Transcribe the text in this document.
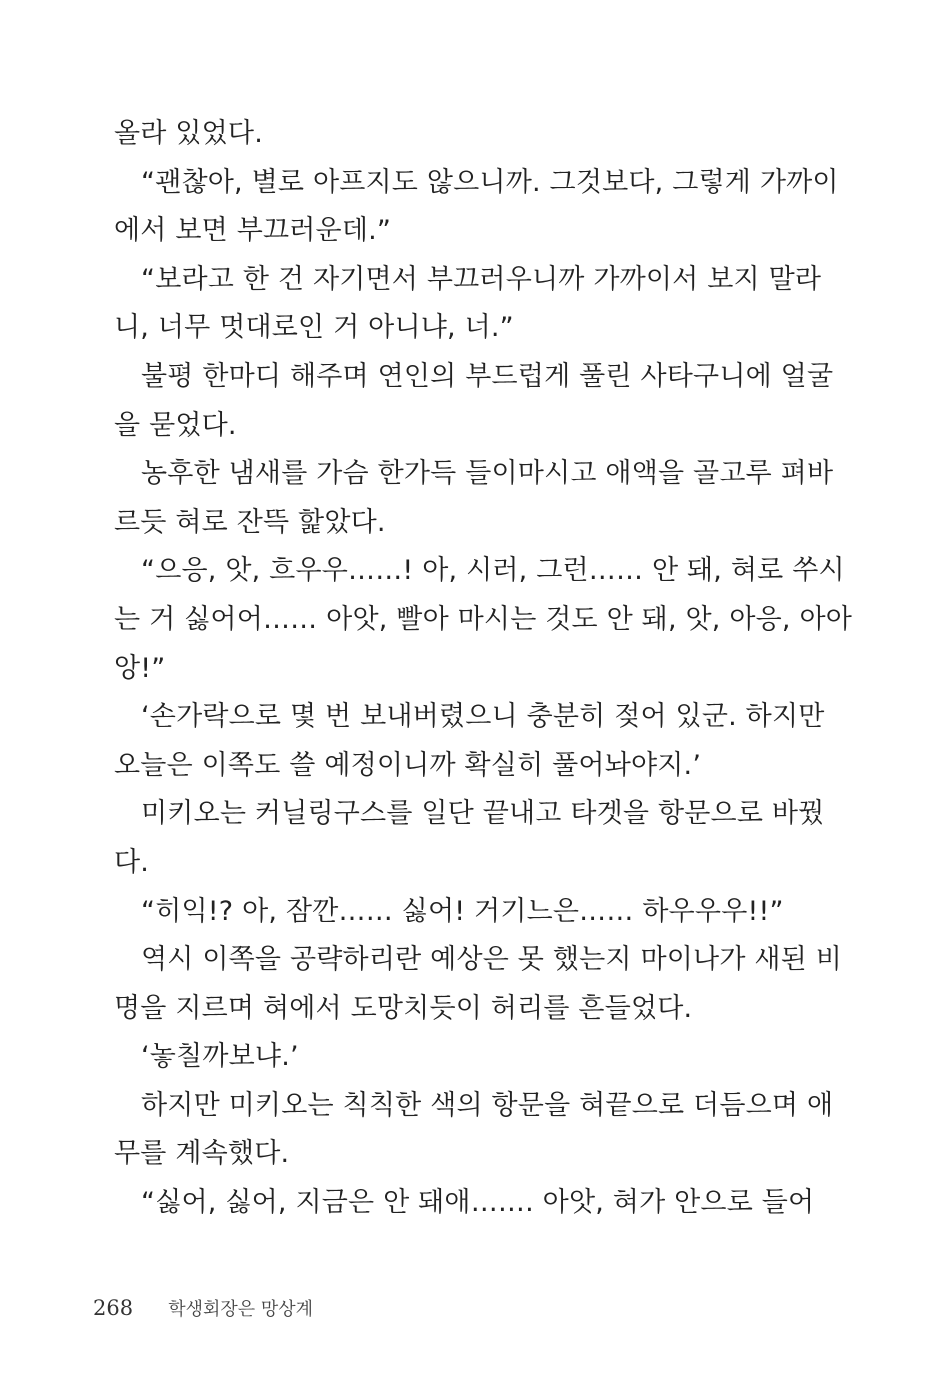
올라 있었다.
“괜찮아, 별로 아프지도 않으니까. 그것보다, 그렇게 가까이
에서 보면 부끄러운데.”
“보라고 한 건 자기면서 부끄러우니까 가까이서 보지 말라
니, 너무 멋대로인 거 아니냐, 너.”
불평 한마디 해주며 연인의 부드럽게 풀린 사타구니에 얼굴
을 묻었다.
농후한 냄새를 가슴 한가득 들이마시고 애액을 골고루 펴바
르듯 혀로 잔뜩 핥았다.
“으응, 앗, 흐우우……! 아, 시러, 그런…… 안 돼, 혀로 쑤시
는 거 싫어어…… 아앗, 빨아 마시는 것도 안 돼, 앗, 아응, 아아
앙!”
‘손가락으로 몇 번 보내버렸으니 충분히 젖어 있군. 하지만
오늘은 이쪽도 쓸 예정이니까 확실히 풀어놔야지.’
미키오는 커닐링구스를 일단 끝내고 타겟을 항문으로 바꿨
다.
“히익!? 아, 잠깐…… 싫어! 거기느은…… 하우우우!!”
역시 이쪽을 공략하리란 예상은 못 했는지 마이나가 새된 비
명을 지르며 혀에서 도망치듯이 허리를 흔들었다.
‘놓칠까보냐.’
하지만 미키오는 칙칙한 색의 항문을 혀끝으로 더듬으며 애
무를 계속했다.
“싫어, 싫어, 지금은 안 돼애……. 아앗, 혀가 안으로 들어
268 학생회장은 망상계
